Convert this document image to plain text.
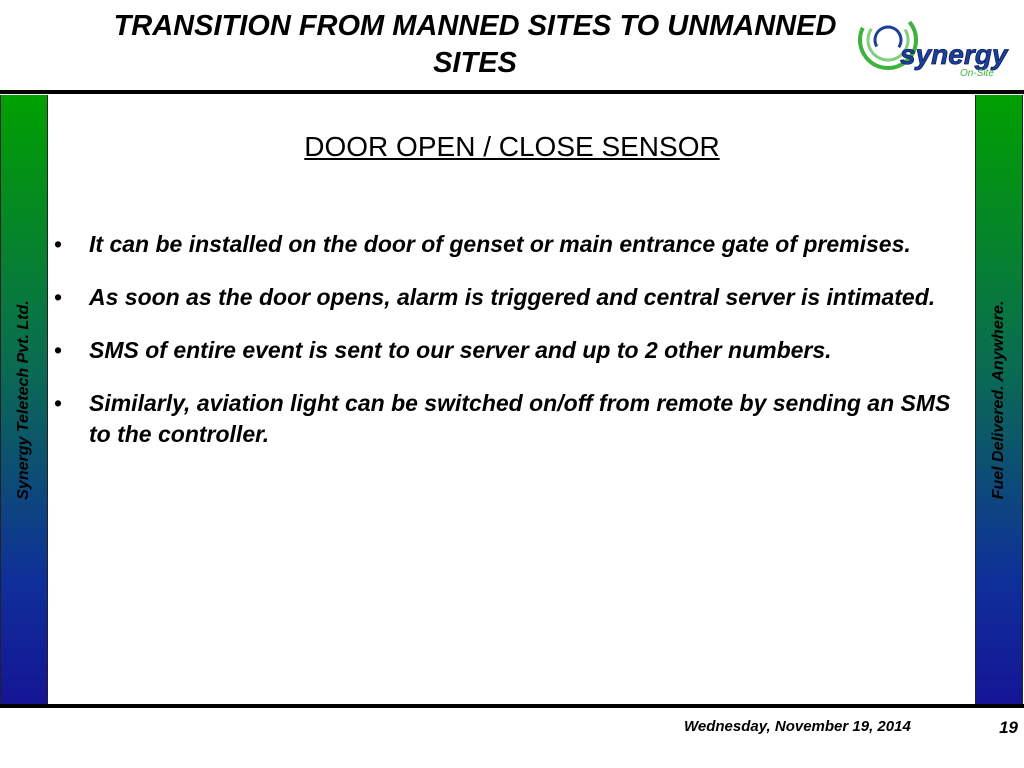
TRANSITION FROM MANNED SITES TO UNMANNED SITES	synergy
On-Site
Synergy Teletech Pvt. Ltd.
DOOR OPEN / CLOSE SENSOR
• It can be installed on the door of genset or main entrance gate of premises.
• As soon as the door opens, alarm is triggered and central server is intimated.
• SMS of entire event is sent to our server and up to 2 other numbers.
• Similarly, aviation light can be switched on/off from remote by sending an SMS to the controller.	Fuel Delivered. Anywhere.
Wednesday, November 19, 2014	19
